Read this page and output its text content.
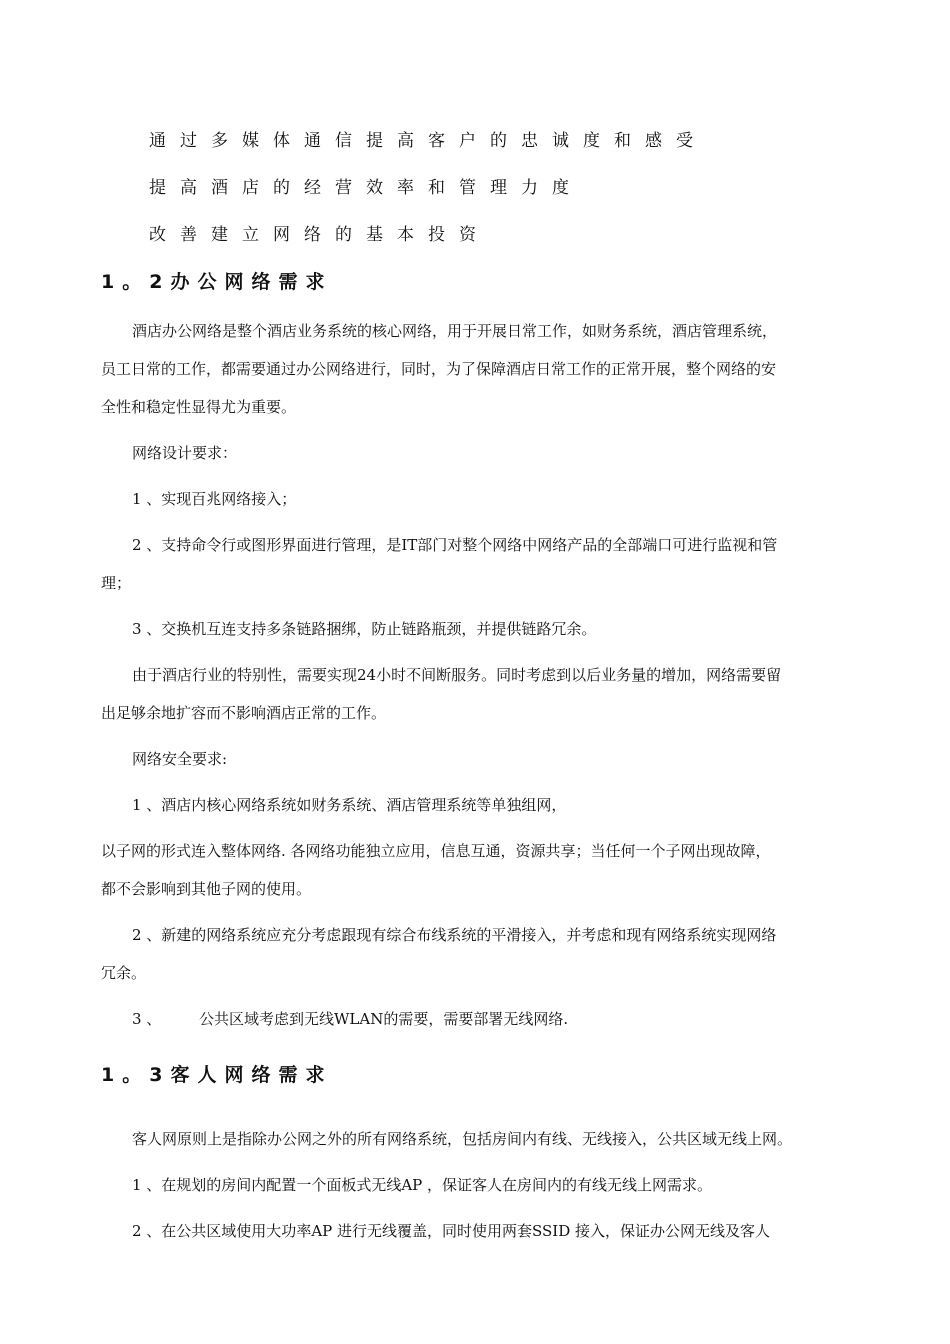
通过多媒体通信提高客户的忠诚度和感受
提高酒店的经营效率和管理力度
改善建立网络的基本投资
1。2办公网络需求
酒店办公网络是整个酒店业务系统的核心网络，用于开展日常工作，如财务系统，酒店管理系统，
员工日常的工作，都需要通过办公网络进行，同时，为了保障酒店日常工作的正常开展，整个网络的安
全性和稳定性显得尤为重要。
网络设计要求：
1 、实现百兆网络接入；
2 、支持命令行或图形界面进行管理，是IT部门对整个网络中网络产品的全部端口可进行监视和管
理；
3 、交换机互连支持多条链路捆绑，防止链路瓶颈，并提供链路冗余。
由于酒店行业的特别性，需要实现24小时不间断服务。同时考虑到以后业务量的增加，网络需要留
出足够余地扩容而不影响酒店正常的工作。
网络安全要求:
1 、酒店内核心网络系统如财务系统、酒店管理系统等单独组网，
以子网的形式连入整体网络. 各网络功能独立应用，信息互通，资源共享；当任何一个子网出现故障，
都不会影响到其他子网的使用。
2 、新建的网络系统应充分考虑跟现有综合布线系统的平滑接入，并考虑和现有网络系统实现网络
冗余。
3 、	公共区域考虑到无线WLAN的需要，需要部署无线网络.
1。3客人网络需求
客人网原则上是指除办公网之外的所有网络系统，包括房间内有线、无线接入，公共区域无线上网。
1 、在规划的房间内配置一个面板式无线AP ，保证客人在房间内的有线无线上网需求。
2 、在公共区域使用大功率AP 进行无线覆盖，同时使用两套SSID 接入，保证办公网无线及客人
